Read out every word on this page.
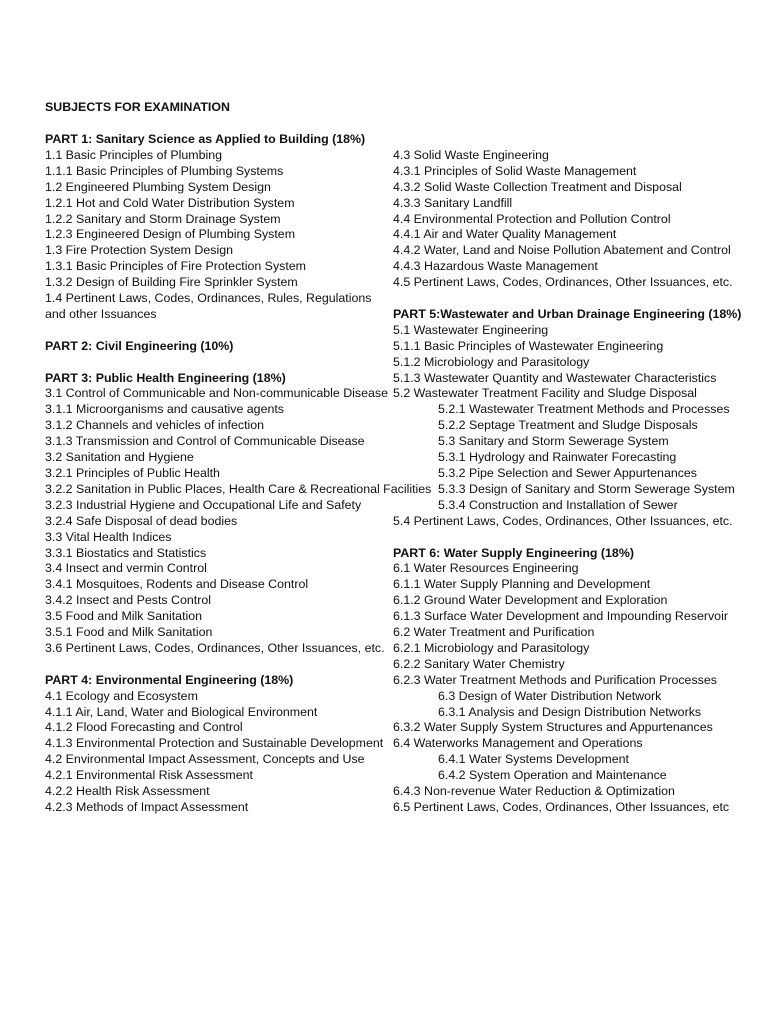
SUBJECTS FOR EXAMINATION
PART 1: Sanitary Science as Applied to Building (18%)
1.1 Basic Principles of Plumbing
1.1.1 Basic Principles of Plumbing Systems
1.2 Engineered Plumbing System Design
1.2.1 Hot and Cold Water Distribution System
1.2.2 Sanitary and Storm Drainage System
1.2.3 Engineered Design of Plumbing System
1.3 Fire Protection System Design
1.3.1 Basic Principles of Fire Protection System
1.3.2 Design of Building Fire Sprinkler System
1.4 Pertinent Laws, Codes, Ordinances, Rules, Regulations and other Issuances
PART 2: Civil Engineering (10%)
PART 3: Public Health Engineering (18%)
3.1 Control of Communicable and Non-communicable Disease
3.1.1 Microorganisms and causative agents
3.1.2 Channels and vehicles of infection
3.1.3 Transmission and Control of Communicable Disease
3.2 Sanitation and Hygiene
3.2.1 Principles of Public Health
3.2.2 Sanitation in Public Places, Health Care & Recreational Facilities
3.2.3 Industrial Hygiene and Occupational Life and Safety
3.2.4 Safe Disposal of dead bodies
3.3 Vital Health Indices
3.3.1 Biostatics and Statistics
3.4 Insect and vermin Control
3.4.1 Mosquitoes, Rodents and Disease Control
3.4.2 Insect and Pests Control
3.5 Food and Milk Sanitation
3.5.1 Food and Milk Sanitation
3.6 Pertinent Laws, Codes, Ordinances, Other Issuances, etc.
PART 4: Environmental Engineering (18%)
4.1 Ecology and Ecosystem
4.1.1 Air, Land, Water and Biological Environment
4.1.2 Flood Forecasting and Control
4.1.3 Environmental Protection and Sustainable Development
4.2 Environmental Impact Assessment, Concepts and Use
4.2.1 Environmental Risk Assessment
4.2.2 Health Risk Assessment
4.2.3 Methods of Impact Assessment
4.3 Solid Waste Engineering
4.3.1 Principles of Solid Waste Management
4.3.2 Solid Waste Collection Treatment and Disposal
4.3.3 Sanitary Landfill
4.4 Environmental Protection and Pollution Control
4.4.1 Air and Water Quality Management
4.4.2 Water, Land and Noise Pollution Abatement and Control
4.4.3 Hazardous Waste Management
4.5 Pertinent Laws, Codes, Ordinances, Other Issuances, etc.
PART 5:Wastewater and Urban Drainage Engineering (18%)
5.1 Wastewater Engineering
5.1.1 Basic Principles of Wastewater Engineering
5.1.2 Microbiology and Parasitology
5.1.3 Wastewater Quantity and Wastewater Characteristics
5.2 Wastewater Treatment Facility and Sludge Disposal
5.2.1 Wastewater Treatment Methods and Processes
5.2.2 Septage Treatment and Sludge Disposals
5.3 Sanitary and Storm Sewerage System
5.3.1 Hydrology and Rainwater Forecasting
5.3.2 Pipe Selection and Sewer Appurtenances
5.3.3 Design of Sanitary and Storm Sewerage System
5.3.4 Construction and Installation of Sewer
5.4 Pertinent Laws, Codes, Ordinances, Other Issuances, etc.
PART 6: Water Supply Engineering (18%)
6.1 Water Resources Engineering
6.1.1 Water Supply Planning and Development
6.1.2 Ground Water Development and Exploration
6.1.3 Surface Water Development and Impounding Reservoir
6.2 Water Treatment and Purification
6.2.1 Microbiology and Parasitology
6.2.2 Sanitary Water Chemistry
6.2.3 Water Treatment Methods and Purification Processes
6.3 Design of Water Distribution Network
6.3.1 Analysis and Design Distribution Networks
6.3.2 Water Supply System Structures and Appurtenances
6.4 Waterworks Management and Operations
6.4.1 Water Systems Development
6.4.2 System Operation and Maintenance
6.4.3 Non-revenue Water Reduction & Optimization
6.5 Pertinent Laws, Codes, Ordinances, Other Issuances, etc
